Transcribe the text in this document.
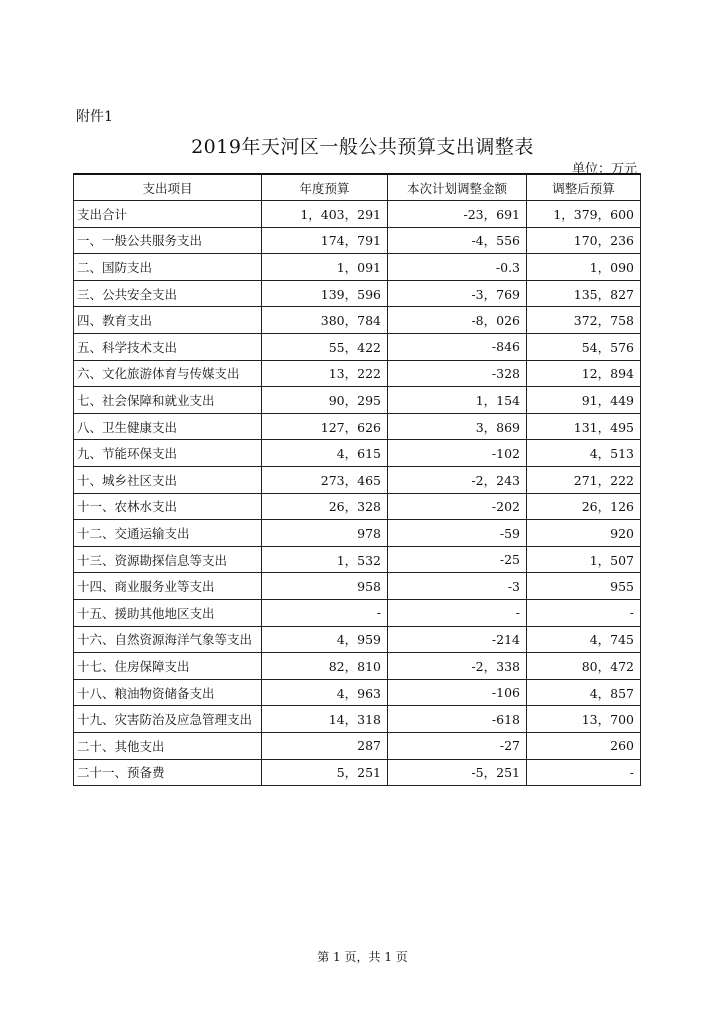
附件1
2019年天河区一般公共预算支出调整表
单位：万元
支出项目	年度预算	本次计划调整金额	调整后预算
支出合计	1，403，291	-23，691	1，379，600
一、一般公共服务支出	174，791	-4，556	170，236
二、国防支出	1，091	-0.3	1，090
三、公共安全支出	139，596	-3，769	135，827
四、教育支出	380，784	-8，026	372，758
五、科学技术支出	55，422	-846	54，576
六、文化旅游体育与传媒支出	13，222	-328	12，894
七、社会保障和就业支出	90，295	1，154	91，449
八、卫生健康支出	127，626	3，869	131，495
九、节能环保支出	4，615	-102	4，513
十、城乡社区支出	273，465	-2，243	271，222
十一、农林水支出	26，328	-202	26，126
十二、交通运输支出	978	-59	920
十三、资源勘探信息等支出	1，532	-25	1，507
十四、商业服务业等支出	958	-3	955
十五、援助其他地区支出	-	-	-
十六、自然资源海洋气象等支出	4，959	-214	4，745
十七、住房保障支出	82，810	-2，338	80，472
十八、粮油物资储备支出	4，963	-106	4，857
十九、灾害防治及应急管理支出	14，318	-618	13，700
二十、其他支出	287	-27	260
二十一、预备费	5，251	-5，251	-
第 1 页，共 1 页
